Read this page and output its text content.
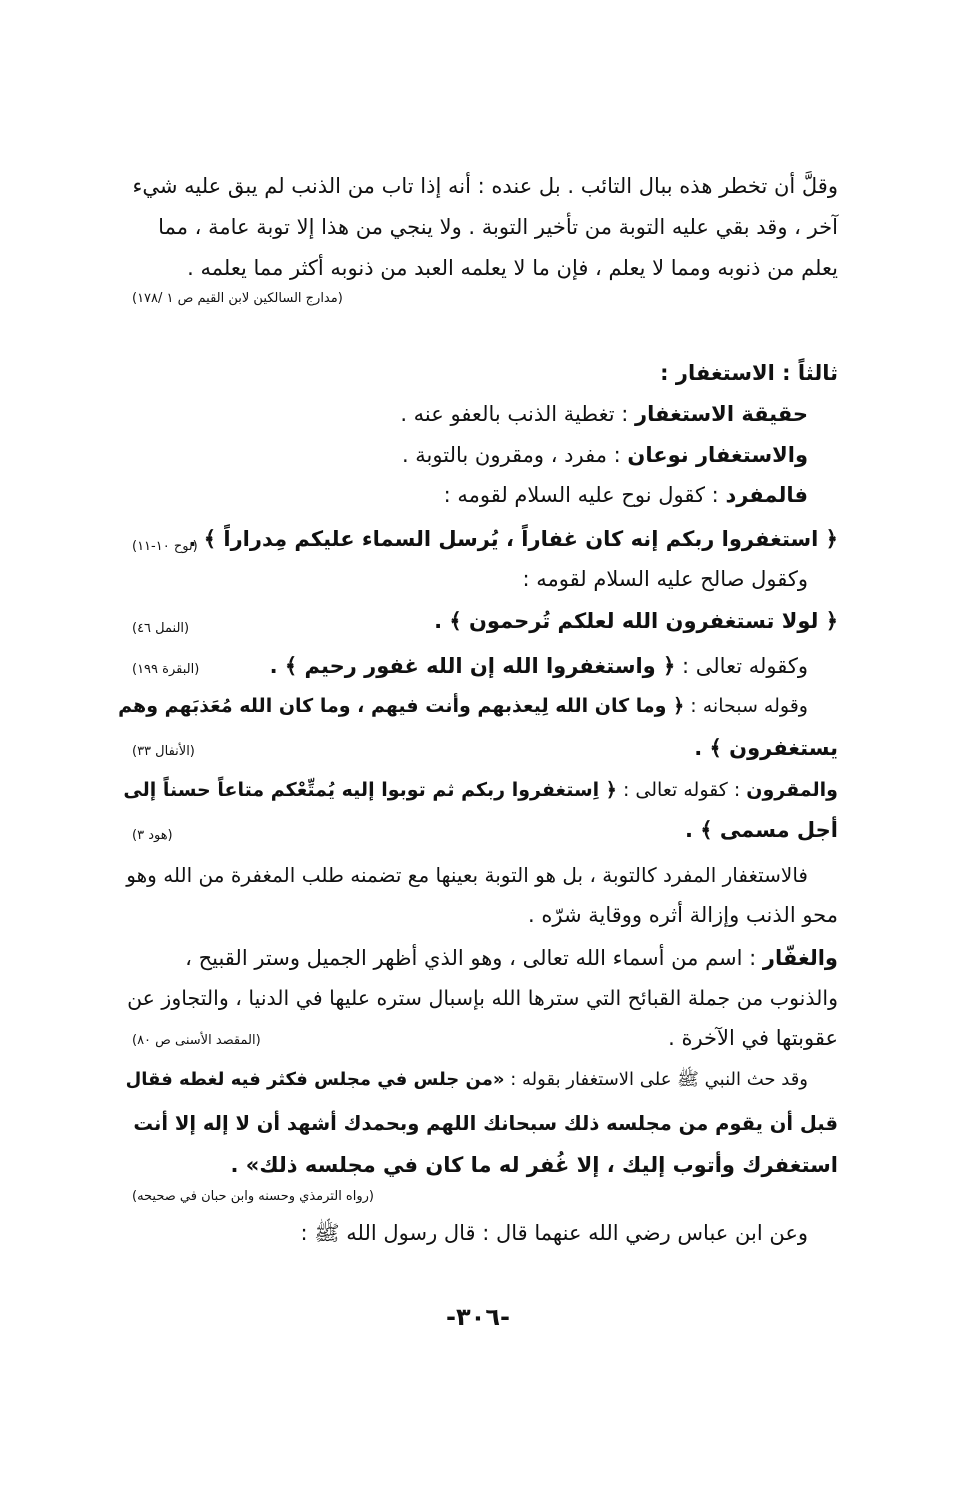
وقلَّ أن تخطر هذه ببال التائب . بل عنده : أنه إذا تاب من الذنب لم يبق عليه شيء
آخر ، وقد بقي عليه التوبة من تأخير التوبة . ولا ينجي من هذا إلا توبة عامة ، مما
يعلم من ذنوبه ومما لا يعلم ، فإن ما لا يعلمه العبد من ذنوبه أكثر مما يعلمه .
(مدارج السالكين لابن القيم ص ١ /١٧٨)
ثالثاً : الاستغفار :
حقيقة الاستغفار : تغطية الذنب بالعفو عنه .
والاستغفار نوعان : مفرد ، ومقرون بالتوبة .
فالمفرد : كقول نوح عليه السلام لقومه :
﴿ استغفروا ربكم إنه كان غفاراً ، يُرسل السماء عليكم مِدراراً ﴾ .
(نوح ١٠-١١)
وكقول صالح عليه السلام لقومه :
﴿ لولا تستغفرون الله لعلكم تُرحمون ﴾ .
(النمل ٤٦)
وكقوله تعالى : ﴿ واستغفروا الله إن الله غفور رحيم ﴾ .
(البقرة ١٩٩)
وقوله سبحانه : ﴿ وما كان الله لِيعذبهم وأنت فيهم ، وما كان الله مُعَذبَهم وهم
يستغفرون ﴾ .
(الأنفال ٣٣)
والمقرون : كقوله تعالى : ﴿ اِستغفروا ربكم ثم توبوا إليه يُمتِّعْكم متاعاً حسناً إلى
أجل مسمى ﴾ .
(هود ٣)
فالاستغفار المفرد كالتوبة ، بل هو التوبة بعينها مع تضمنه طلب المغفرة من الله وهو
محو الذنب وإزالة أثره ووقاية شرّه .
والغفّار : اسم من أسماء الله تعالى ، وهو الذي أظهر الجميل وستر القبيح ،
والذنوب من جملة القبائح التي سترها الله بإسبال ستره عليها في الدنيا ، والتجاوز عن
عقوبتها في الآخرة .
(المقصد الأسنى ص ٨٠)
وقد حث النبي ﷺ على الاستغفار بقوله : «من جلس في مجلس فكثر فيه لغطه فقال
قبل أن يقوم من مجلسه ذلك سبحانك اللهم وبحمدك أشهد أن لا إله إلا أنت
استغفرك وأتوب إليك ، إلا غُفر له ما كان في مجلسه ذلك» .
(رواه الترمذي وحسنه وابن حبان في صحيحه)
وعن ابن عباس رضي الله عنهما قال : قال رسول الله ﷺ :
-٣٠٦-
